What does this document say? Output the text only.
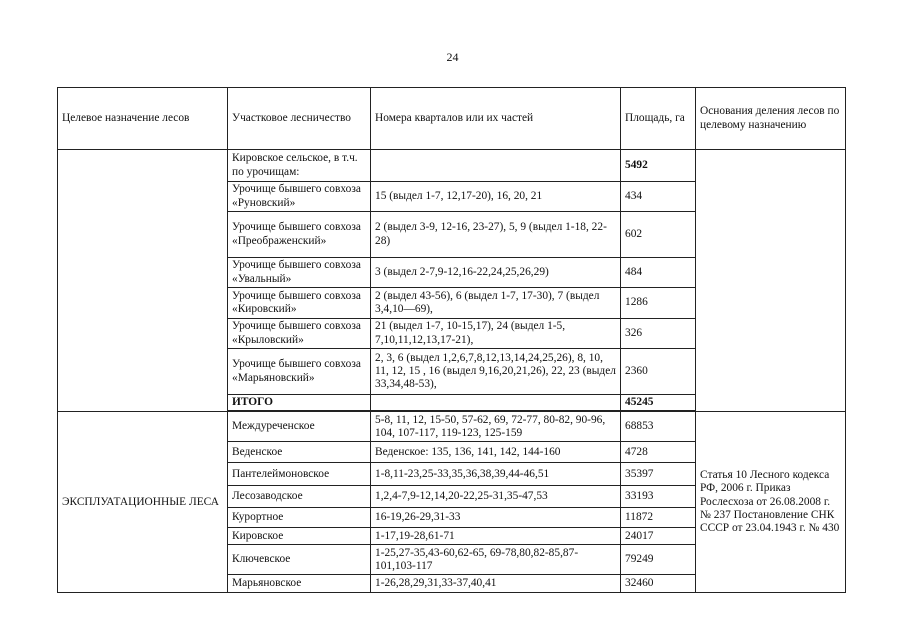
24
Целевое назначение лесов	Участковое лесничество	Номера кварталов или их частей	Площадь, га	Основания деления лесов по целевому назначению
	Кировское сельское, в т.ч. по урочищам:		5492	
	Урочище бывшего совхоза «Руновский»	15 (выдел 1-7, 12,17-20), 16, 20, 21	434	
	Урочище бывшего совхоза «Преображенский»	2 (выдел 3-9, 12-16, 23-27), 5, 9 (выдел 1-18, 22-28)	602	
	Урочище бывшего совхоза «Увальный»	3 (выдел 2-7,9-12,16-22,24,25,26,29)	484	
	Урочище бывшего совхоза «Кировский»	2 (выдел 43-56), 6 (выдел 1-7, 17-30), 7 (выдел 3,4,10—69),	1286	
	Урочище бывшего совхоза «Крыловский»	21 (выдел 1-7, 10-15,17), 24 (выдел 1-5, 7,10,11,12,13,17-21),	326	
	Урочище бывшего совхоза «Марьяновский»	2, 3, 6 (выдел 1,2,6,7,8,12,13,14,24,25,26), 8, 10, 11, 12, 15 , 16 (выдел 9,16,20,21,26), 22, 23 (выдел 33,34,48-53),	2360	
	ИТОГО		45245	

ЭКСПЛУАТАЦИОННЫЕ ЛЕСА	Междуреченское	5-8, 11, 12, 15-50, 57-62, 69, 72-77, 80-82, 90-96, 104, 107-117, 119-123, 125-159	68853	Статья 10 Лесного кодекса РФ, 2006 г. Приказ Рослесхоза от 26.08.2008 г. № 237 Постановление СНК СССР от 23.04.1943 г. № 430
	Веденское	Веденское: 135, 136, 141, 142, 144-160	4728	
	Пантелеймоновское	1-8,11-23,25-33,35,36,38,39,44-46,51	35397	
	Лесозаводское	1,2,4-7,9-12,14,20-22,25-31,35-47,53	33193	
	Курортное	16-19,26-29,31-33	11872	
	Кировское	1-17,19-28,61-71	24017	
	Ключевское	1-25,27-35,43-60,62-65, 69-78,80,82-85,87-101,103-117	79249	
	Марьяновское	1-26,28,29,31,33-37,40,41	32460	
